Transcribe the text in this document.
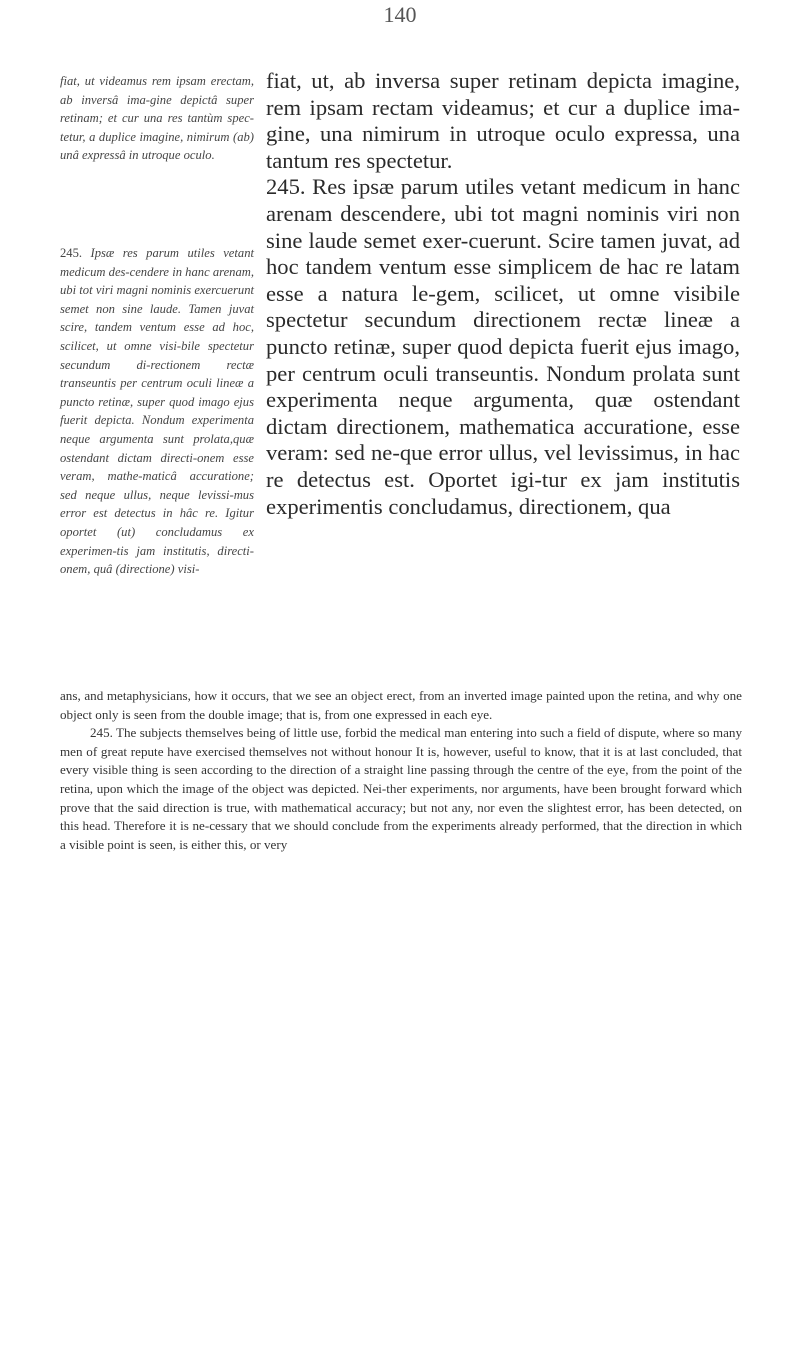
140
fiat, ut videamus rem ipsam erectam, ab inversâ ima-gine depictâ super retinam; et cur una res tantùm spec-tetur, a duplice imagine, nimirum (ab) unâ expressâ in utroque oculo.
245. Ipsæ res parum utiles vetant medicum des-cendere in hanc arenam, ubi tot viri magni nominis exercuerunt semet non sine laude. Tamen juvat scire, tandem ventum esse ad hoc, scilicet, ut omne visi-bile spectetur secundum di-rectionem rectæ transeuntis per centrum oculi lineæ a puncto retinæ, super quod imago ejus fuerit depicta. Nondum experimenta neque argumenta sunt prolata,quæ ostendant dictam directi-onem esse veram, mathe-maticâ accuratione; sed neque ullus, neque levissi-mus error est detectus in hâc re. Igitur oportet (ut) concludamus ex experimen-tis jam institutis, directi-onem, quâ (directione) visi-

fiat, ut, ab inversa super retinam depicta imagine, rem ipsam rectam videamus; et cur a duplice ima-gine, una nimirum in utroque oculo expressa, una tantum res spectetur.

245. Res ipsæ parum utiles vetant medicum in hanc arenam descendere, ubi tot magni nominis viri non sine laude semet exer-cuerunt. Scire tamen juvat, ad hoc tandem ventum esse simplicem de hac re latam esse a natura le-gem, scilicet, ut omne visibile spectetur secundum directionem rectæ lineæ a puncto retinæ, super quod depicta fuerit ejus imago, per centrum oculi transeuntis. Nondum prolata sunt experimenta neque argumenta, quæ ostendant dictam directionem, mathematica accuratione, esse veram: sed ne-que error ullus, vel levissimus, in hac re detectus est. Oportet igi-tur ex jam institutis experimentis concludamus, directionem, qua

ans, and metaphysicians, how it occurs, that we see an object erect, from an inverted image painted upon the retina, and why one object only is seen from the double image; that is, from one expressed in each eye.

245. The subjects themselves being of little use, forbid the medical man entering into such a field of dispute, where so many men of great repute have exercised themselves not without honour It is, however, useful to know, that it is at last concluded, that every visible thing is seen according to the direction of a straight line passing through the centre of the eye, from the point of the retina, upon which the image of the object was depicted. Nei-ther experiments, nor arguments, have been brought forward which prove that the said direction is true, with mathematical accuracy; but not any, nor even the slightest error, has been detected, on this head. Therefore it is ne-cessary that we should conclude from the experiments already performed, that the direction in which a visible point is seen, is either this, or very
